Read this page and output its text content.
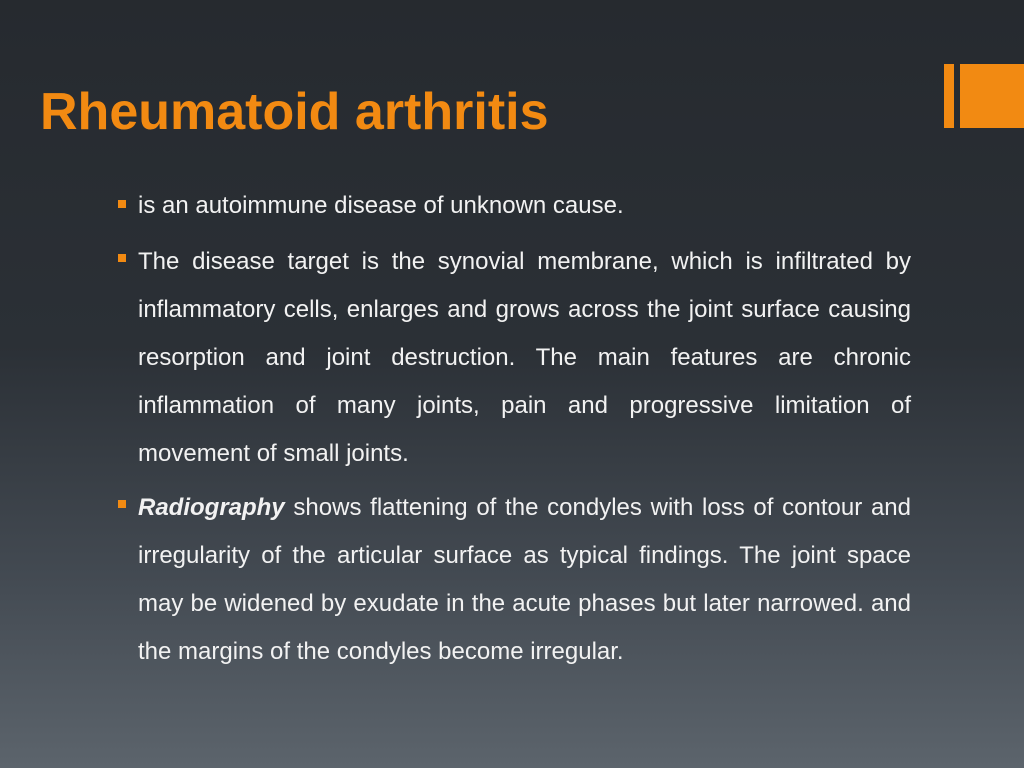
Rheumatoid arthritis
is an autoimmune disease of unknown cause.
The disease target is the synovial membrane, which is infiltrated by inflammatory cells, enlarges and grows across the joint surface causing resorption and joint destruction. The main features are chronic inflammation of many joints, pain and progressive limitation of movement of small joints.
Radiography shows flattening of the condyles with loss of contour and irregularity of the articular surface as typical findings. The joint space may be widened by exudate in the acute phases but later narrowed. and the margins of the condyles become irregular.
